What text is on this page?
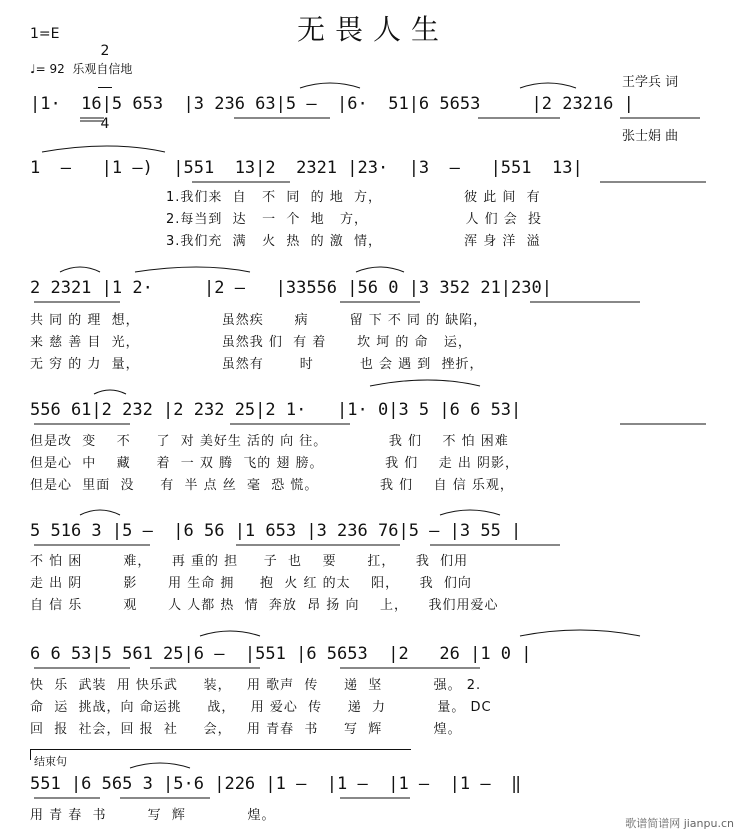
无畏人生
1=E

2

4

♩= 92  乐观自信地

王学兵 词

张士娟 曲

|1·  16|5 653  |3 236 63|5 –  |6·  51|6 5653     |2 23216 |
1  –   |1 –)  |551  13|2  2321 |23·  |3  –   |551  13|
1.我们来  自   不  同  的 地  方，                彼 此 间  有
2.每当到  达   一  个  地   方，                   人 们 会  投
3.我们充  满   火  热  的 激  情，                浑 身 洋  溢
2 2321 |1 2·     |2 –   |33556 |56 0 |3 352 21|230|
共 同 的 理  想，                虽然疾      病        留 下 不 同 的 缺陷，
来 慈 善 目  光，                虽然我 们  有 着      坎 坷 的 命   运，
无 穷 的 力  量，                虽然有       时         也 会 遇 到  挫折，
556 61|2 232 |2 232 25|2 1·   |1· 0|3 5 |6 6 53|
但是改  变    不     了  对 美好生 活的 向 往。            我 们    不 怕 困难
但是心  中    藏     着  一 双 腾  飞的 翅 膀。            我 们    走 出 阴影，
但是心  里面  没     有  半 点 丝  毫  恐 慌。            我 们    自 信 乐观，
5 516 3 |5 –  |6 56 |1 653 |3 236 76|5 – |3 55 |
不 怕 困        难，    再 重的 担     子  也    要      扛，    我  们用
走 出 阴        影      用 生命 拥     抱  火 红 的太    阳，    我  们向
自 信 乐        观      人 人都 热  情  奔放  昂 扬 向    上，    我们用爱心
6 6 53|5 561 25|6 –  |551 |6 5653  |2   26 |1 0 |
快  乐  武装  用 快乐武     装，   用 歌声  传     递  坚          强。 2.
命  运  挑战，向 命运挑     战，   用 爱心  传     递  力          量。 DC
回  报  社会，回 报  社     会，   用 青春  书     写  辉          煌。
结束句
551 |6 565 3 |5·6 |226 |1 –  |1 –  |1 –  |1 –  ‖
用 青 春  书        写  辉            煌。
歌谱简谱网 jianpu.cn
